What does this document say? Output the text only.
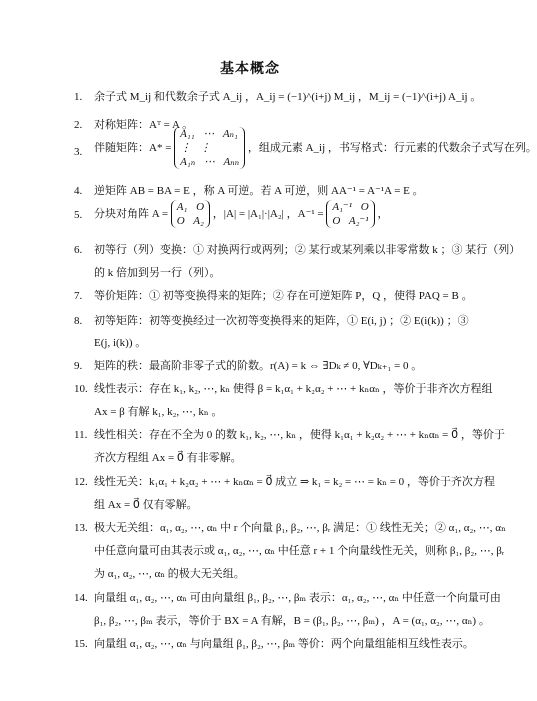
基本概念
1.	余子式 M_ij 和代数余子式 A_ij ，A_ij = (−1)^(i+j) M_ij ，M_ij = (−1)^(i+j) A_ij 。
2.	对称矩阵：Aᵀ = A 。
3.	伴随矩阵：A* =
A₁₁ ⋯ Aₙ₁
⋮ ⋮
A₁ₙ ⋯ Aₙₙ
，组成元素 A_ij ，书写格式：行元素的代数余子式写在列。
4.	逆矩阵 AB = BA = E ，称 A 可逆。若 A 可逆，则 AA⁻¹ = A⁻¹A = E 。
5.	分块对角阵 A =
A₁ O
O A₂
，|A| = |A₁|·|A₂| ，A⁻¹ =
A₁⁻¹ O
O A₂⁻¹
，
6.	初等行（列）变换：① 对换两行或两列；② 某行或某列乘以非零常数 k ；③ 某行（列）
的 k 倍加到另一行（列）。
7.	等价矩阵：① 初等变换得来的矩阵；② 存在可逆矩阵 P，Q ，使得 PAQ = B 。
8.	初等矩阵：初等变换经过一次初等变换得来的矩阵，① E(i, j) ；② E(i(k)) ；③
E(j, i(k)) 。
9.	矩阵的秩：最高阶非零子式的阶数。r(A) = k ⇔ ∃Dₖ ≠ 0, ∀Dₖ₊₁ = 0 。
10. 线性表示：存在 k₁, k₂, ⋯, kₙ 使得 β = k₁α₁ + k₂α₂ + ⋯ + kₙαₙ ，等价于非齐次方程组
Ax = β 有解 k₁, k₂, ⋯, kₙ 。
11. 线性相关：存在不全为 0 的数 k₁, k₂, ⋯, kₙ ，使得 k₁α₁ + k₂α₂ + ⋯ + kₙαₙ = 0⃗ ，等价于
齐次方程组 Ax = 0⃗ 有非零解。
12. 线性无关：k₁α₁ + k₂α₂ + ⋯ + kₙαₙ = 0⃗ 成立 ⇒ k₁ = k₂ = ⋯ = kₙ = 0 ，等价于齐次方程
组 Ax = 0⃗ 仅有零解。
13. 极大无关组：α₁, α₂, ⋯, αₙ 中 r 个向量 β₁, β₂, ⋯, βᵣ 满足：① 线性无关；② α₁, α₂, ⋯, αₙ
中任意向量可由其表示或 α₁, α₂, ⋯, αₙ 中任意 r + 1 个向量线性无关，则称 β₁, β₂, ⋯, βᵣ
为 α₁, α₂, ⋯, αₙ 的极大无关组。
14. 向量组 α₁, α₂, ⋯, αₙ 可由向量组 β₁, β₂, ⋯, βₘ 表示：α₁, α₂, ⋯, αₙ 中任意一个向量可由
β₁, β₂, ⋯, βₘ 表示，等价于 BX = A 有解，B = (β₁, β₂, ⋯, βₘ) ，A = (α₁, α₂, ⋯, αₙ) 。
15. 向量组 α₁, α₂, ⋯, αₙ 与向量组 β₁, β₂, ⋯, βₘ 等价：两个向量组能相互线性表示。
